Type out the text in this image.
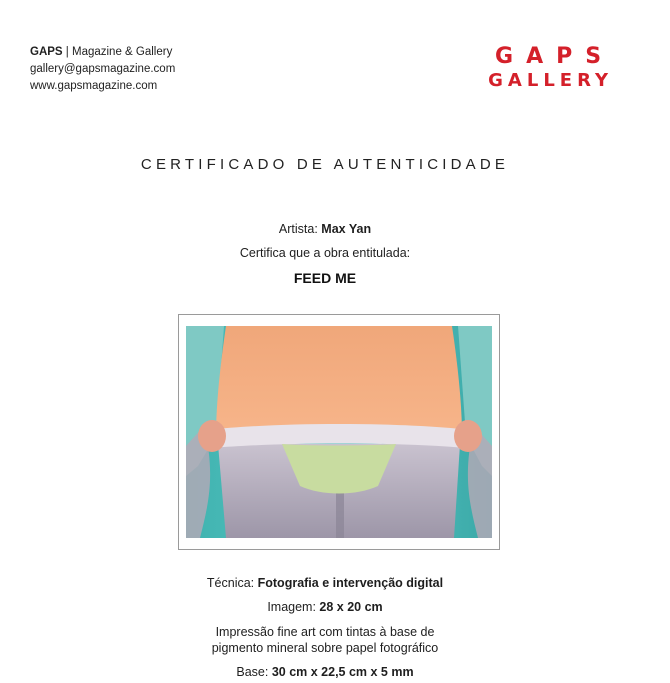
GAPS | Magazine & Gallery
gallery@gapsmagazine.com
www.gapsmagazine.com
GAPS
GALLERY
CERTIFICADO DE AUTENTICIDADE
Artista: Max Yan
Certifica que a obra entitulada:
FEED ME
Técnica: Fotografia e intervenção digital
Imagem: 28 x 20 cm
Impressão fine art com tintas à base de
pigmento mineral sobre papel fotográfico
Base: 30 cm x 22,5 cm x 5 mm
